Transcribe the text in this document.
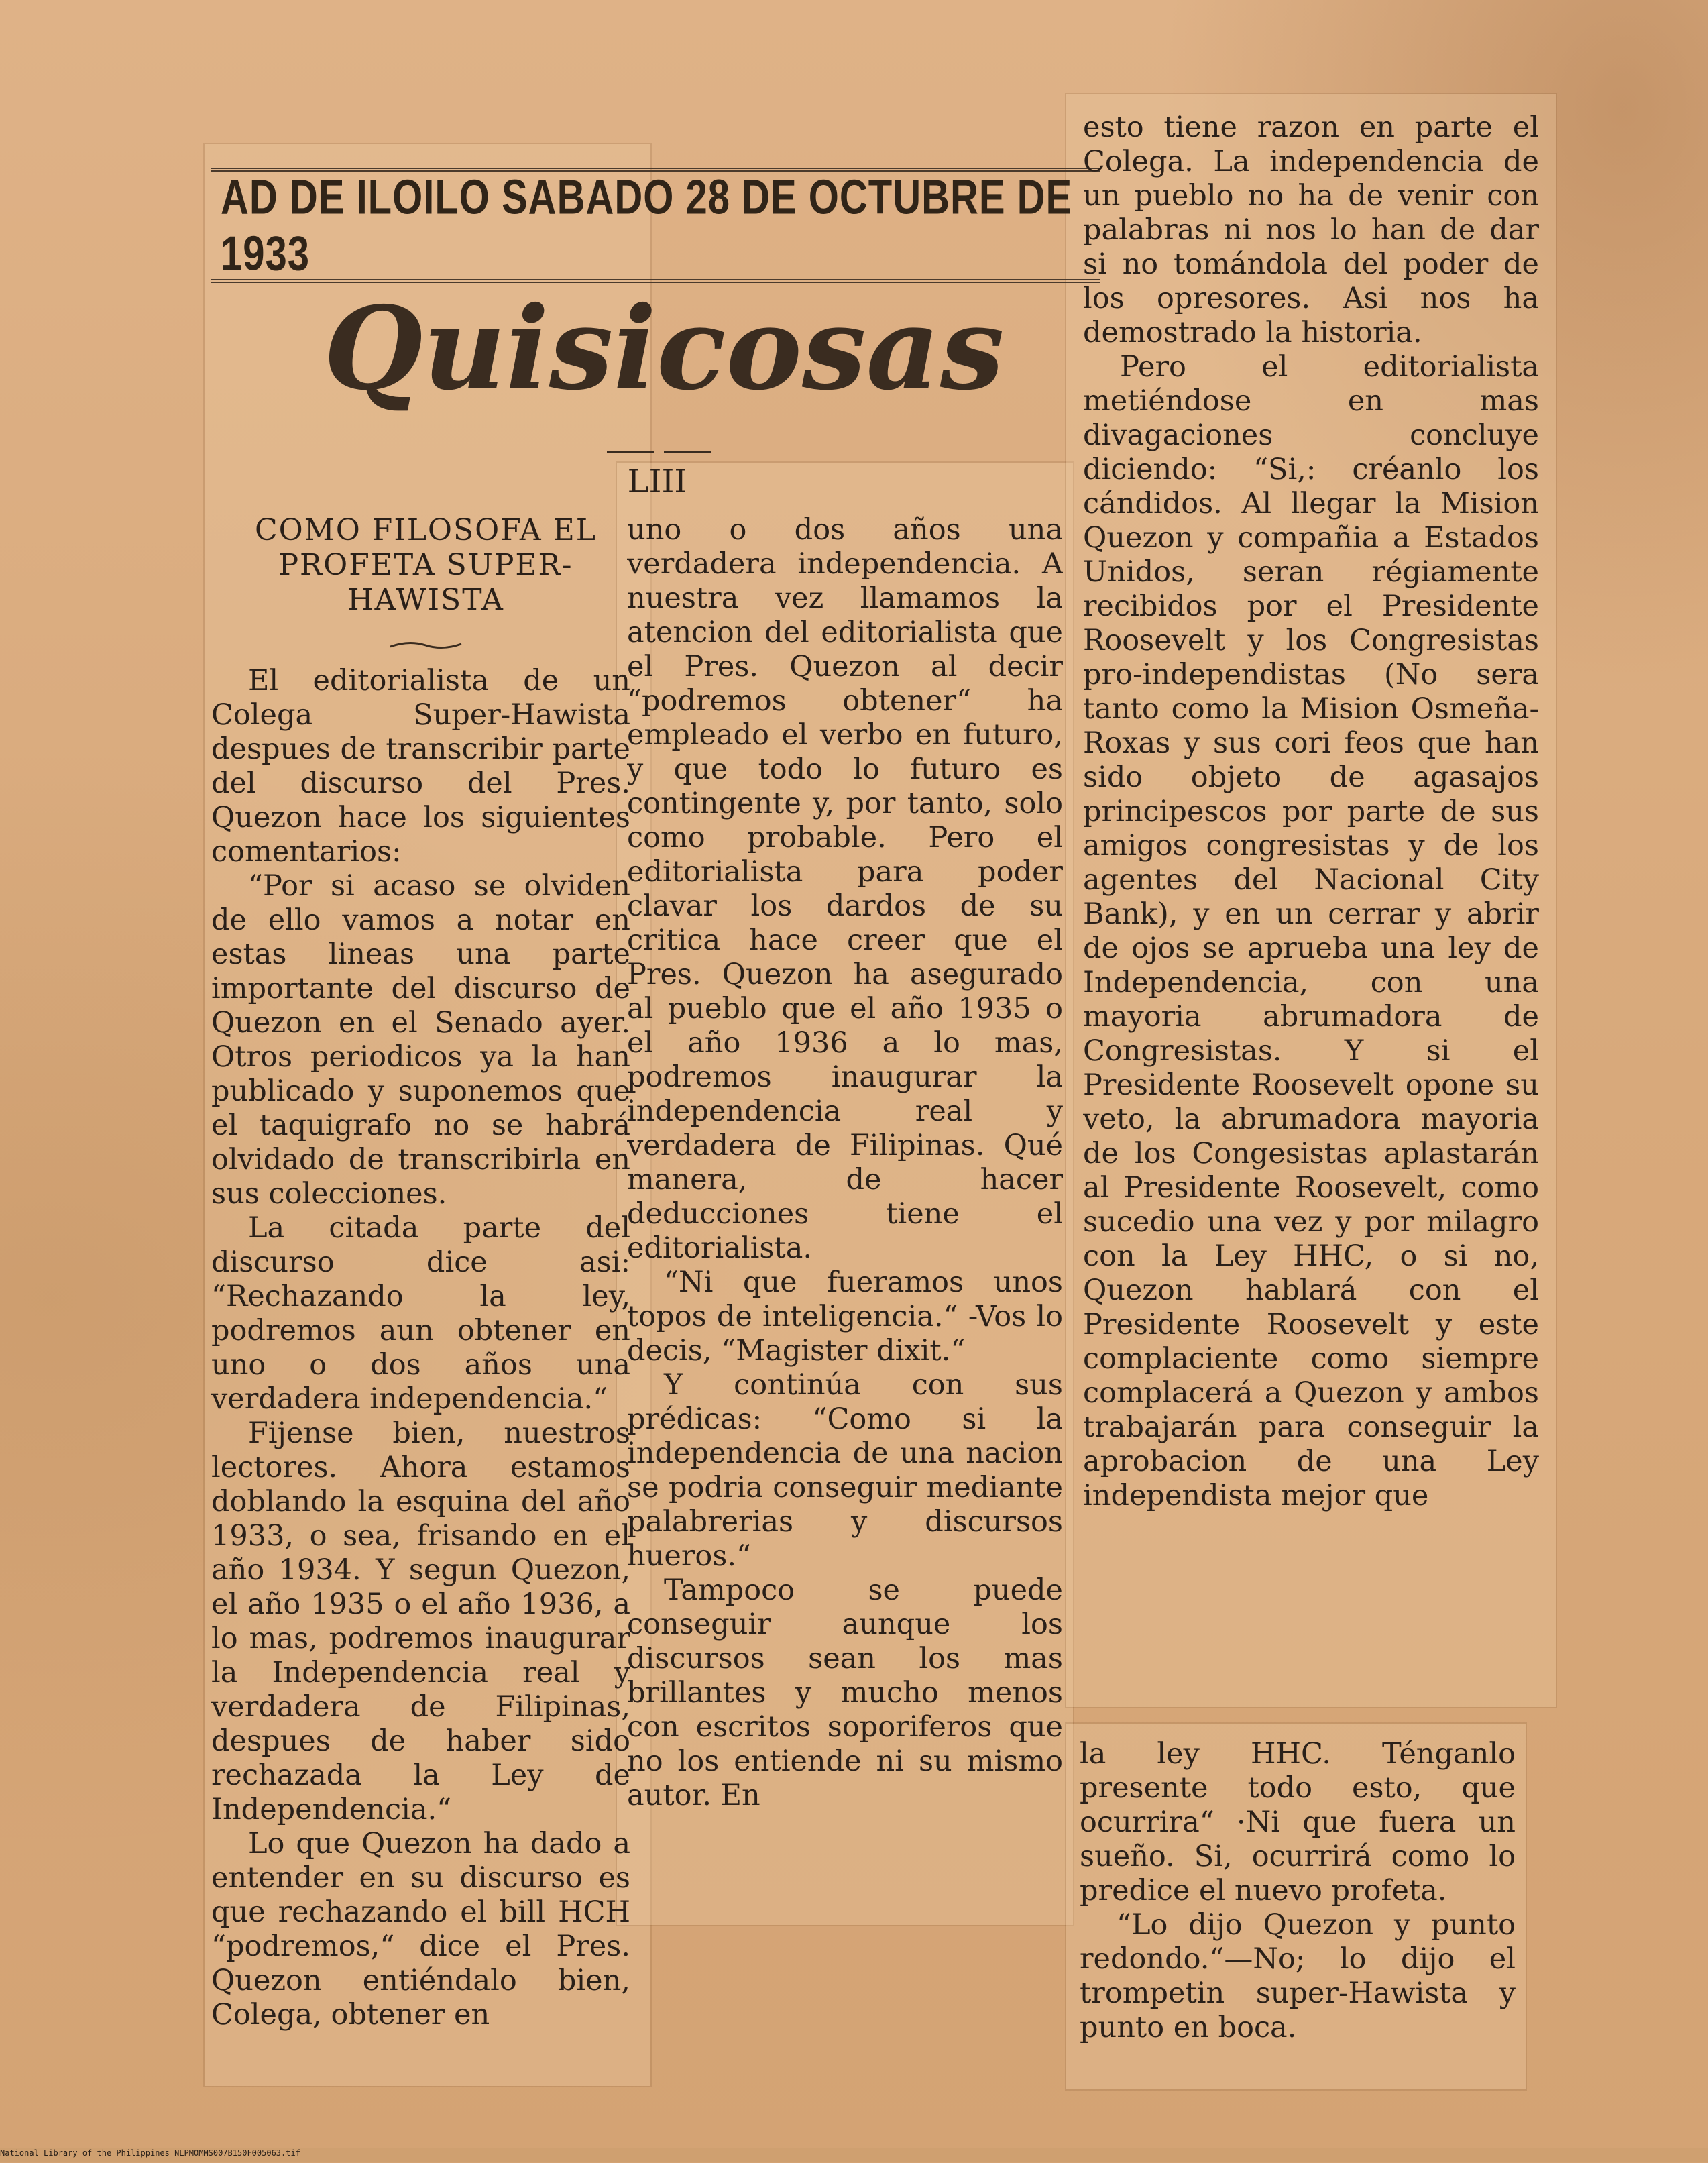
AD DE ILOILO SABADO 28 DE OCTUBRE DE 1933
Quisicosas
LIII
COMO FILOSOFA EL PROFETA SUPER-HAWISTA

El editorialista de un Colega Super-Hawista despues de transcribir parte del discurso del Pres. Quezon hace los siguientes comentarios:

“Por si acaso se olviden de ello vamos a notar en estas lineas una parte importante del discurso de Quezon en el Senado ayer. Otros periodicos ya la han publicado y suponemos que el taquigrafo no se habrá olvidado de transcribirla en sus colecciones.

La citada parte del discurso dice asi: “Rechazando la ley, podremos aun obtener en uno o dos años una verdadera independencia.“

Fijense bien, nuestros lectores. Ahora estamos doblando la esquina del año 1933, o sea, frisando en el año 1934. Y segun Quezon, el año 1935 o el año 1936, a lo mas, podremos inaugurar la Independencia real y verdadera de Filipinas, despues de haber sido rechazada la Ley de Independencia.“

Lo que Quezon ha dado a entender en su discurso es que rechazando el bill HCH “podremos,“ dice el Pres. Quezon entiéndalo bien, Colega, obtener en

uno o dos años una verdadera independencia. A nuestra vez llamamos la atencion del editorialista que el Pres. Quezon al decir “podremos obtener“ ha empleado el verbo en futuro, y que todo lo futuro es contingente y, por tanto, solo como probable. Pero el editorialista para poder clavar los dardos de su critica hace creer que el Pres. Quezon ha asegurado al pueblo que el año 1935 o el año 1936 a lo mas, podremos inaugurar la independencia real y verdadera de Filipinas. Qué manera, de hacer deducciones tiene el editorialista.

“Ni que fueramos unos topos de inteligencia.“ -Vos lo decis, “Magister dixit.“

Y continúa con sus prédicas: “Como si la independencia de una nacion se podria conseguir mediante palabrerias y discursos hueros.“

Tampoco se puede conseguir aunque los discursos sean los mas brillantes y mucho menos con escritos soporiferos que no los entiende ni su mismo autor. En

esto tiene razon en parte el Colega. La independencia de un pueblo no ha de venir con palabras ni nos lo han de dar si no tomándola del poder de los opresores. Asi nos ha demostrado la historia.

Pero el editorialista metiéndose en mas divagaciones concluye diciendo: “Si,: créanlo los cándidos. Al llegar la Mision Quezon y compañia a Estados Unidos, seran régiamente recibidos por el Presidente Roosevelt y los Congresistas pro-independistas (No sera tanto como la Mision Osmeña-Roxas y sus cori feos que han sido objeto de agasajos principescos por parte de sus amigos congresistas y de los agentes del Nacional City Bank), y en un cerrar y abrir de ojos se aprueba una ley de Independencia, con una mayoria abrumadora de Congresistas. Y si el Presidente Roosevelt opone su veto, la abrumadora mayoria de los Congesistas aplastarán al Presidente Roosevelt, como sucedio una vez y por milagro con la Ley HHC, o si no, Quezon hablará con el Presidente Roosevelt y este complaciente como siempre complacerá a Quezon y ambos trabajarán para conseguir la aprobacion de una Ley independista mejor que

la ley HHC. Ténganlo presente todo esto, que ocurrira“ ·Ni que fuera un sueño. Si, ocurrirá como lo predice el nuevo profeta.

“Lo dijo Quezon y punto redondo.“—No; lo dijo el trompetin super-Hawista y punto en boca.

National Library of the Philippines NLPMOMMS007B150F005063.tif
